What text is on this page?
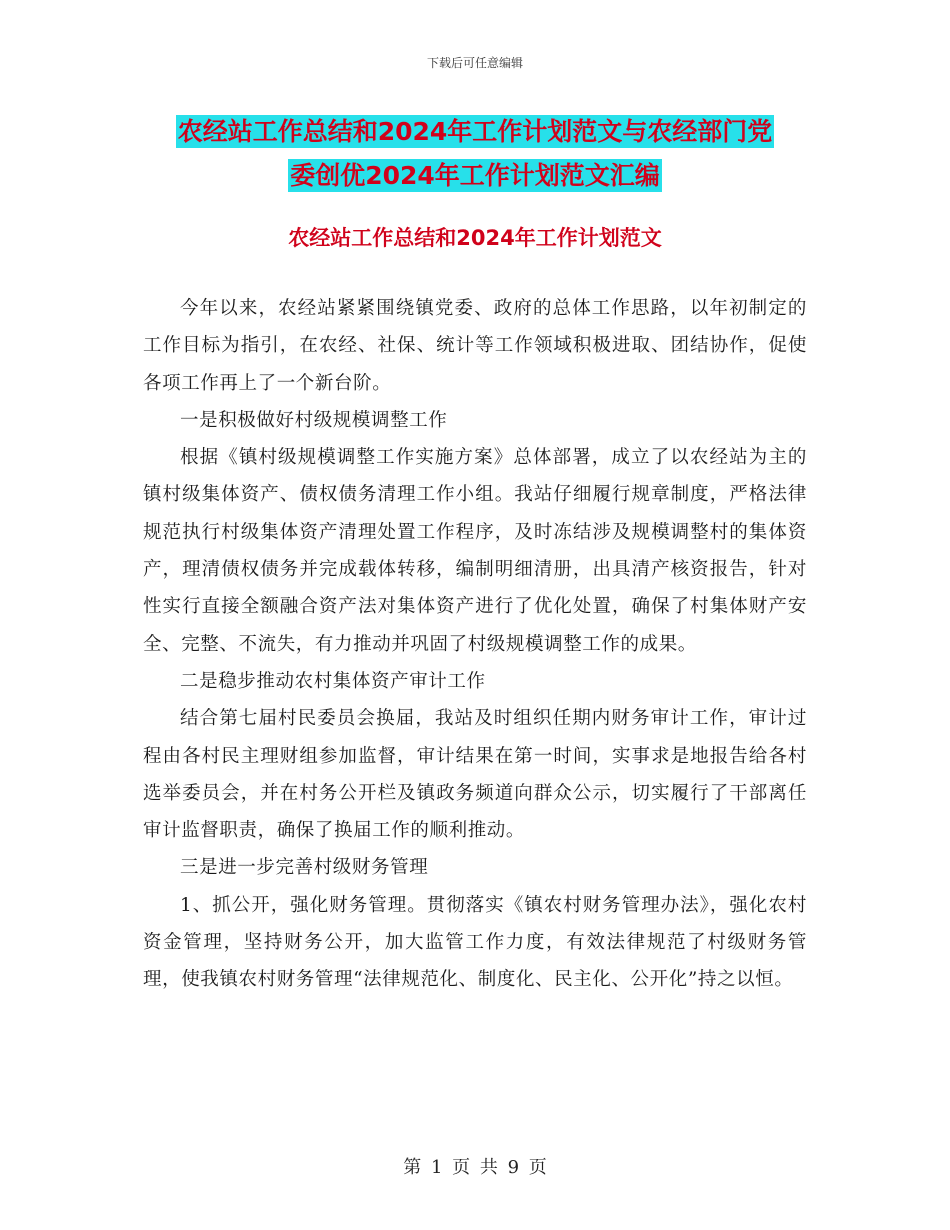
下载后可任意编辑
农经站工作总结和2024年工作计划范文与农经部门党
委创优2024年工作计划范文汇编
农经站工作总结和2024年工作计划范文

今年以来，农经站紧紧围绕镇党委、政府的总体工作思路，以年初制定的工作目标为指引，在农经、社保、统计等工作领域积极进取、团结协作，促使各项工作再上了一个新台阶。

一是积极做好村级规模调整工作

根据《镇村级规模调整工作实施方案》总体部署，成立了以农经站为主的镇村级集体资产、债权债务清理工作小组。我站仔细履行规章制度，严格法律规范执行村级集体资产清理处置工作程序，及时冻结涉及规模调整村的集体资产，理清债权债务并完成载体转移，编制明细清册，出具清产核资报告，针对性实行直接全额融合资产法对集体资产进行了优化处置，确保了村集体财产安全、完整、不流失，有力推动并巩固了村级规模调整工作的成果。

二是稳步推动农村集体资产审计工作

结合第七届村民委员会换届，我站及时组织任期内财务审计工作，审计过程由各村民主理财组参加监督，审计结果在第一时间，实事求是地报告给各村选举委员会，并在村务公开栏及镇政务频道向群众公示，切实履行了干部离任审计监督职责，确保了换届工作的顺利推动。

三是进一步完善村级财务管理

1、抓公开，强化财务管理。贯彻落实《镇农村财务管理办法》，强化农村资金管理，坚持财务公开，加大监管工作力度，有效法律规范了村级财务管理，使我镇农村财务管理“法律规范化、制度化、民主化、公开化”持之以恒。

第 1 页 共 9 页
